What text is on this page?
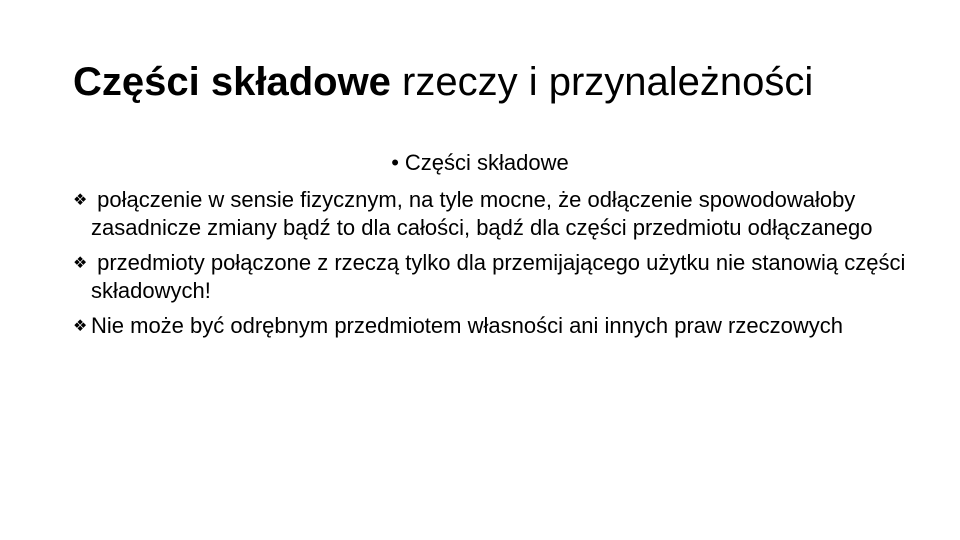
Części składowe rzeczy i przynależności
• Części składowe
❖ połączenie w sensie fizycznym, na tyle mocne, że odłączenie spowodowałoby zasadnicze zmiany bądź to dla całości, bądź dla części przedmiotu odłączanego
❖ przedmioty połączone z rzeczą tylko dla przemijającego użytku nie stanowią części składowych!
❖ Nie może być odrębnym przedmiotem własności ani innych praw rzeczowych
